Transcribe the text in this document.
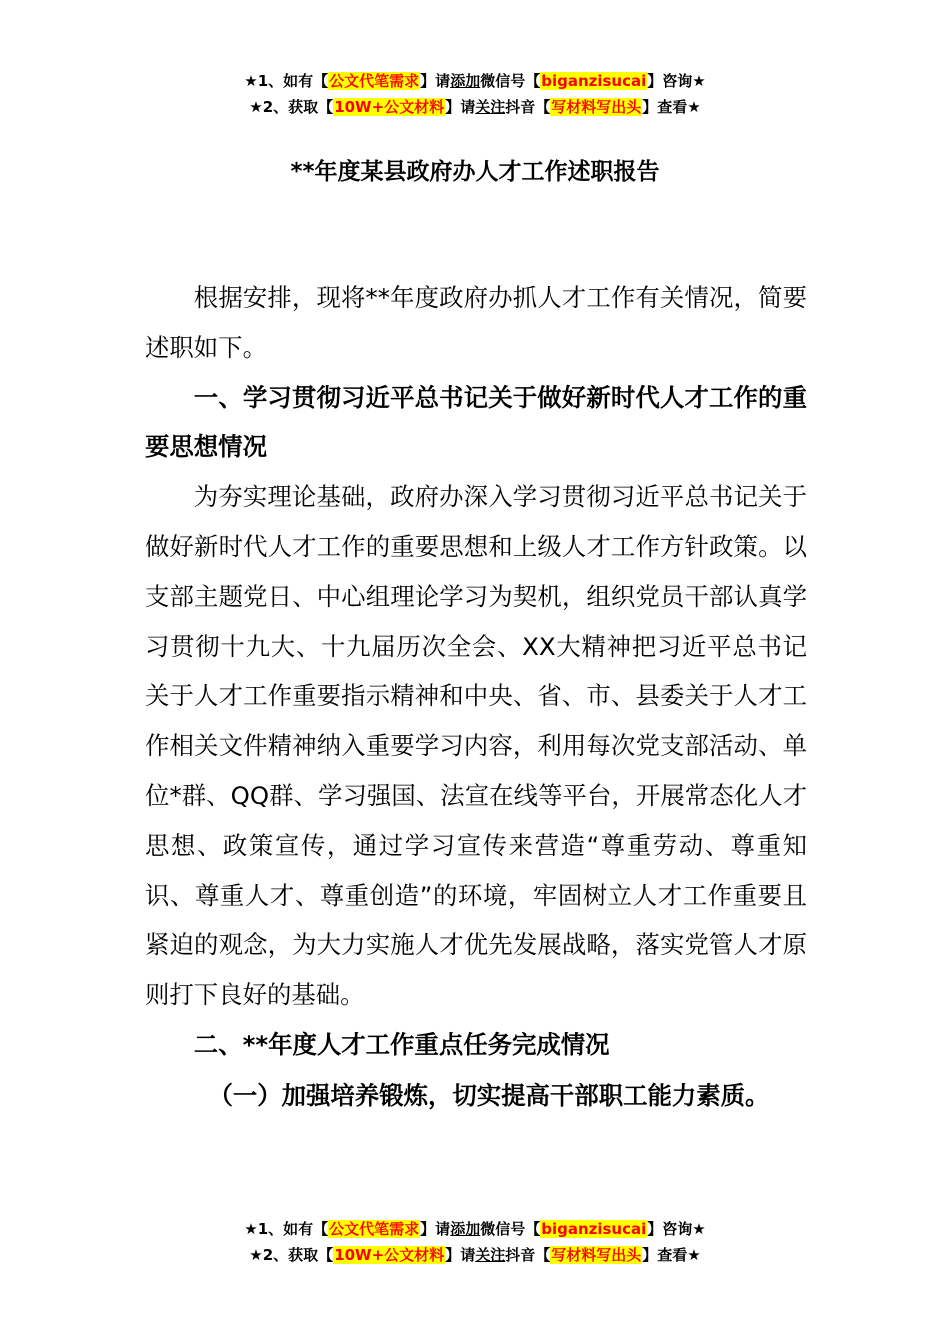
★1、如有【公文代笔需求】请添加微信号【biganzisucai】咨询★
★2、获取【10W+公文材料】请关注抖音【写材料写出头】查看★
**年度某县政府办人才工作述职报告

根据安排，现将**年度政府办抓人才工作有关情况，简要述职如下。

一、学习贯彻习近平总书记关于做好新时代人才工作的重要思想情况

为夯实理论基础，政府办深入学习贯彻习近平总书记关于做好新时代人才工作的重要思想和上级人才工作方针政策。以支部主题党日、中心组理论学习为契机，组织党员干部认真学习贯彻十九大、十九届历次全会、XX大精神把习近平总书记关于人才工作重要指示精神和中央、省、市、县委关于人才工作相关文件精神纳入重要学习内容，利用每次党支部活动、单位*群、QQ群、学习强国、法宣在线等平台，开展常态化人才思想、政策宣传，通过学习宣传来营造“尊重劳动、尊重知识、尊重人才、尊重创造”的环境，牢固树立人才工作重要且紧迫的观念，为大力实施人才优先发展战略，落实党管人才原则打下良好的基础。

二、**年度人才工作重点任务完成情况

（一）加强培养锻炼，切实提高干部职工能力素质。

★1、如有【公文代笔需求】请添加微信号【biganzisucai】咨询★
★2、获取【10W+公文材料】请关注抖音【写材料写出头】查看★
